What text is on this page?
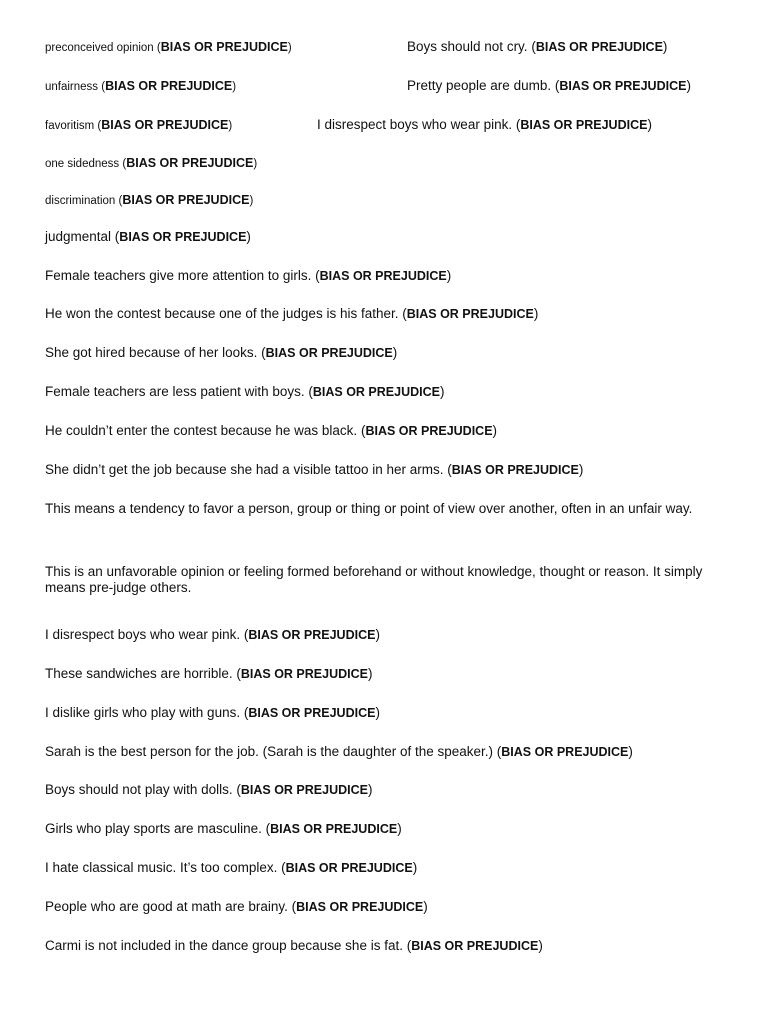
preconceived opinion (BIAS OR PREJUDICE)
unfairness (BIAS OR PREJUDICE)
favoritism (BIAS OR PREJUDICE)
one sidedness (BIAS OR PREJUDICE)
discrimination (BIAS OR PREJUDICE)
judgmental (BIAS OR PREJUDICE)
Boys should not cry. (BIAS OR PREJUDICE)
Pretty people are dumb. (BIAS OR PREJUDICE)
I disrespect boys who wear pink. (BIAS OR PREJUDICE)
Female teachers give more attention to girls. (BIAS OR PREJUDICE)
He won the contest because one of the judges is his father. (BIAS OR PREJUDICE)
She got hired because of her looks. (BIAS OR PREJUDICE)
Female teachers are less patient with boys. (BIAS OR PREJUDICE)
He couldn’t enter the contest because he was black. (BIAS OR PREJUDICE)
She didn’t get the job because she had a visible tattoo in her arms. (BIAS OR PREJUDICE)
This means a tendency to favor a person, group or thing or point of view over another, often in an unfair way.
This is an unfavorable opinion or feeling formed beforehand or without knowledge, thought or reason. It simply means pre-judge others.
I disrespect boys who wear pink. (BIAS OR PREJUDICE)
These sandwiches are horrible. (BIAS OR PREJUDICE)
I dislike girls who play with guns. (BIAS OR PREJUDICE)
Sarah is the best person for the job. (Sarah is the daughter of the speaker.) (BIAS OR PREJUDICE)
Boys should not play with dolls. (BIAS OR PREJUDICE)
Girls who play sports are masculine. (BIAS OR PREJUDICE)
I hate classical music. It’s too complex. (BIAS OR PREJUDICE)
People who are good at math are brainy. (BIAS OR PREJUDICE)
Carmi is not included in the dance group because she is fat. (BIAS OR PREJUDICE)
